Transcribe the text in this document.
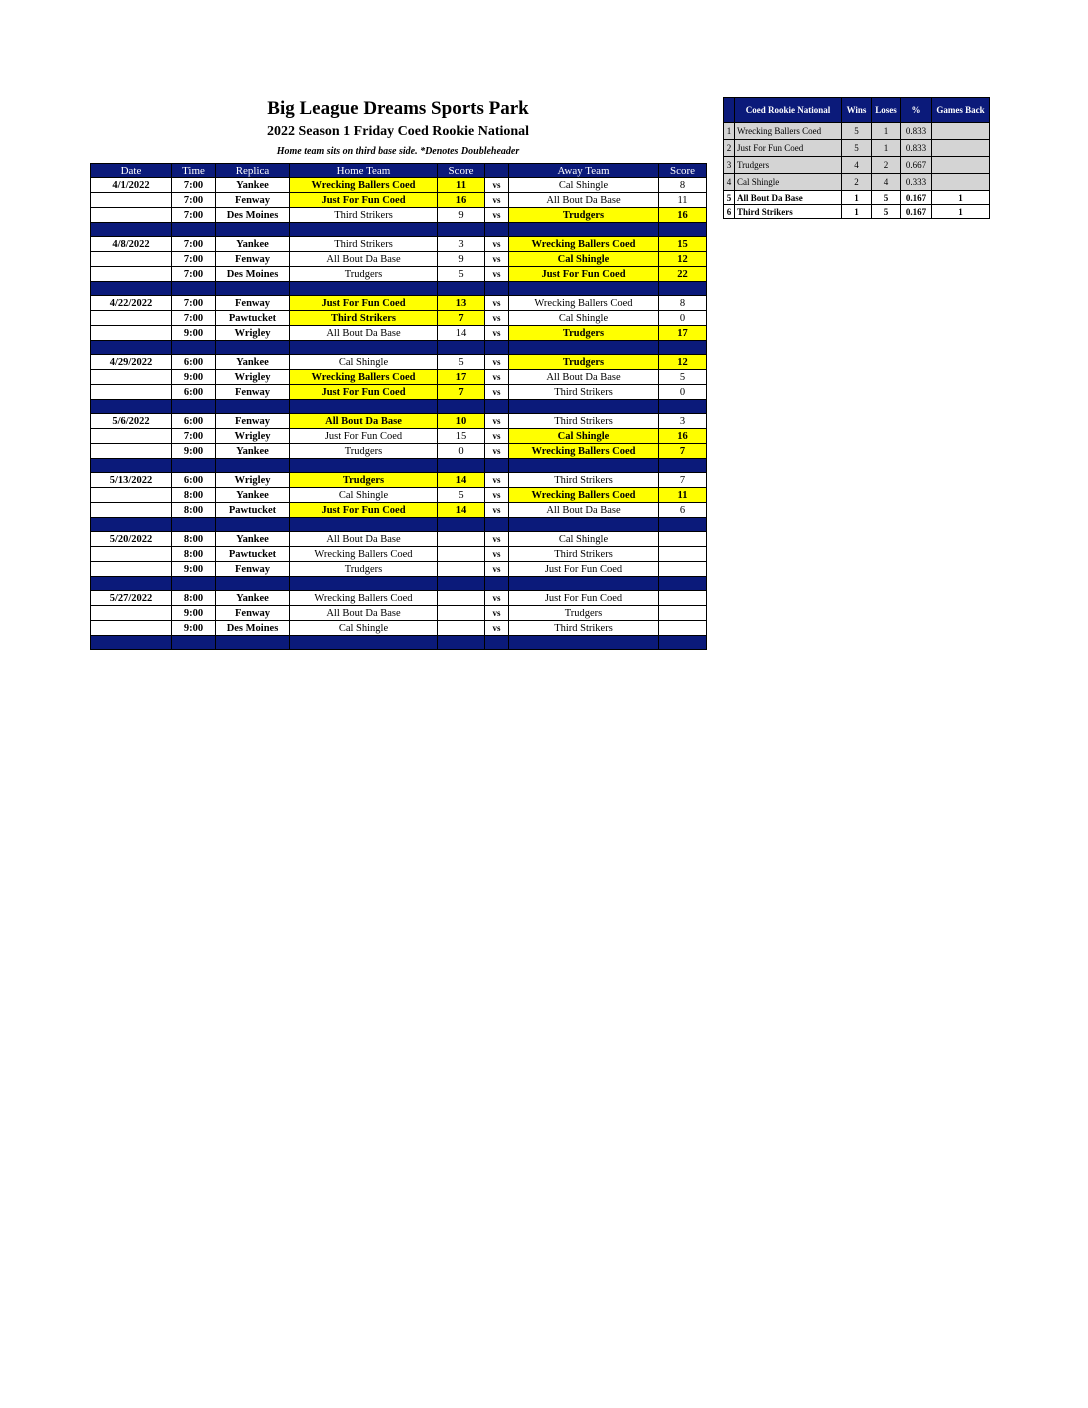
Big League Dreams Sports Park
2022 Season 1 Friday Coed Rookie National
Home team sits on third base side. *Denotes Doubleheader
Date	Time	Replica	Home Team	Score		Away Team	Score
4/1/2022	7:00	Yankee	Wrecking Ballers Coed	11	vs	Cal Shingle	8
	7:00	Fenway	Just For Fun Coed	16	vs	All Bout Da Base	11
	7:00	Des Moines	Third Strikers	9	vs	Trudgers	16

4/8/2022	7:00	Yankee	Third Strikers	3	vs	Wrecking Ballers Coed	15
	7:00	Fenway	All Bout Da Base	9	vs	Cal Shingle	12
	7:00	Des Moines	Trudgers	5	vs	Just For Fun Coed	22

4/22/2022	7:00	Fenway	Just For Fun Coed	13	vs	Wrecking Ballers Coed	8
	7:00	Pawtucket	Third Strikers	7	vs	Cal Shingle	0
	9:00	Wrigley	All Bout Da Base	14	vs	Trudgers	17

4/29/2022	6:00	Yankee	Cal Shingle	5	vs	Trudgers	12
	9:00	Wrigley	Wrecking Ballers Coed	17	vs	All Bout Da Base	5
	6:00	Fenway	Just For Fun Coed	7	vs	Third Strikers	0

5/6/2022	6:00	Fenway	All Bout Da Base	10	vs	Third Strikers	3
	7:00	Wrigley	Just For Fun Coed	15	vs	Cal Shingle	16
	9:00	Yankee	Trudgers	0	vs	Wrecking Ballers Coed	7

5/13/2022	6:00	Wrigley	Trudgers	14	vs	Third Strikers	7
	8:00	Yankee	Cal Shingle	5	vs	Wrecking Ballers Coed	11
	8:00	Pawtucket	Just For Fun Coed	14	vs	All Bout Da Base	6

5/20/2022	8:00	Yankee	All Bout Da Base		vs	Cal Shingle	
	8:00	Pawtucket	Wrecking Ballers Coed		vs	Third Strikers	
	9:00	Fenway	Trudgers		vs	Just For Fun Coed	

5/27/2022	8:00	Yankee	Wrecking Ballers Coed		vs	Just For Fun Coed	
	9:00	Fenway	All Bout Da Base		vs	Trudgers	
	9:00	Des Moines	Cal Shingle		vs	Third Strikers	

	Coed Rookie National	Wins	Loses	%	Games Back
1	Wrecking Ballers Coed	5	1	0.833	
2	Just For Fun Coed	5	1	0.833	
3	Trudgers	4	2	0.667	
4	Cal Shingle	2	4	0.333	
5	All Bout Da Base	1	5	0.167	1
6	Third Strikers	1	5	0.167	1
